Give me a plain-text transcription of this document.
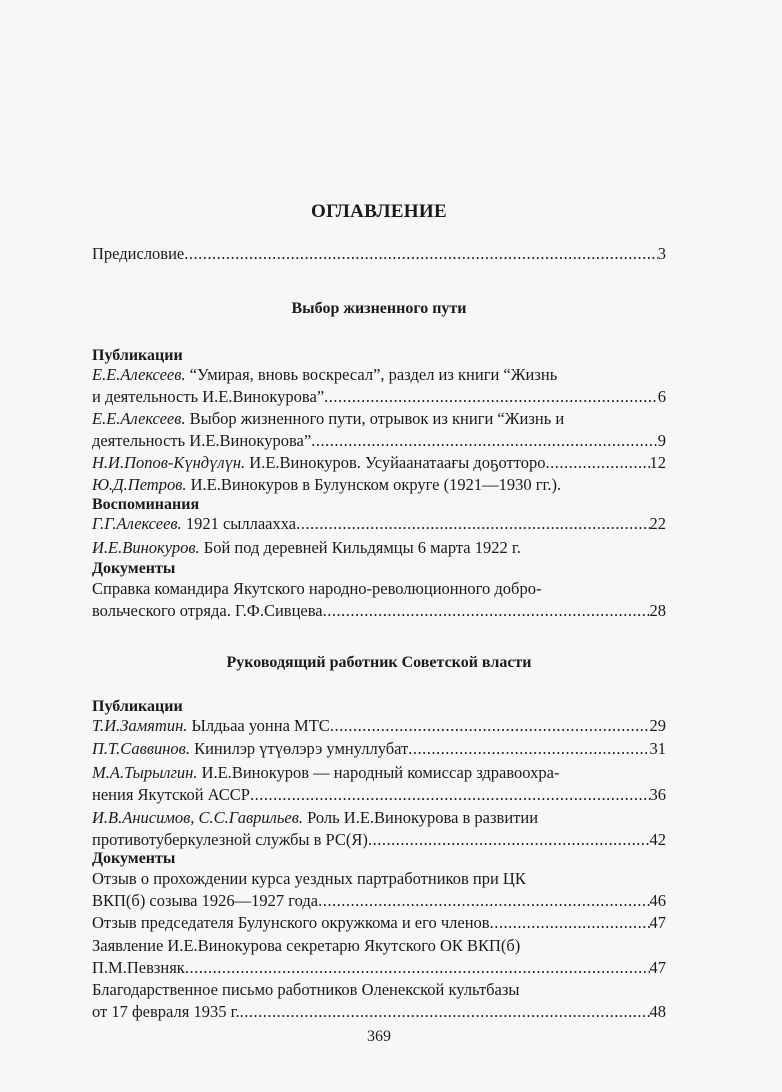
ОГЛАВЛЕНИЕ
Предисловие .....	3
Выбор жизненного пути
Публикации
Е.Е.Алексеев. “Умирая, вновь воскресал”, раздел из книги “Жизнь
и деятельность И.Е.Винокурова” .....	6
Е.Е.Алексеев. Выбор жизненного пути, отрывок из книги “Жизнь и
деятельность И.Е.Винокурова” .....	9
Н.И.Попов-Күндүлүн. И.Е.Винокуров. Усуйаанатаағы доҕотторо .....	12
Ю.Д.Петров. И.Е.Винокуров в Булунском округе (1921—1930 гг.).
Воспоминания
Г.Г.Алексеев. 1921 сыллаахха .....	22
И.Е.Винокуров. Бой под деревней Кильдямцы 6 марта 1922 г.
Документы
Справка командира Якутского народно-революционного добро-
вольческого отряда. Г.Ф.Сивцева .....	28
Руководящий работник Советской власти
Публикации
Т.И.Замятин. Ылдьаа уонна МТС .....	29
П.Т.Саввинов. Кинилэр үтүөлэрэ умнуллубат .....	31
М.А.Тырылгин. И.Е.Винокуров — народный комиссар здравоохра-
нения Якутской АССР .....	36
И.В.Анисимов, С.С.Гаврильев. Роль И.Е.Винокурова в развитии
противотуберкулезной службы в РС(Я) .....	42
Документы
Отзыв о прохождении курса уездных партработников при ЦК
ВКП(б) созыва 1926—1927 года .....	46
Отзыв председателя Булунского окружкома и его членов .....	47
Заявление И.Е.Винокурова секретарю Якутского ОК ВКП(б)
П.М.Певзняк .....	47
Благодарственное письмо работников Оленекской культбазы
от 17 февраля 1935 г. .....	48
369
